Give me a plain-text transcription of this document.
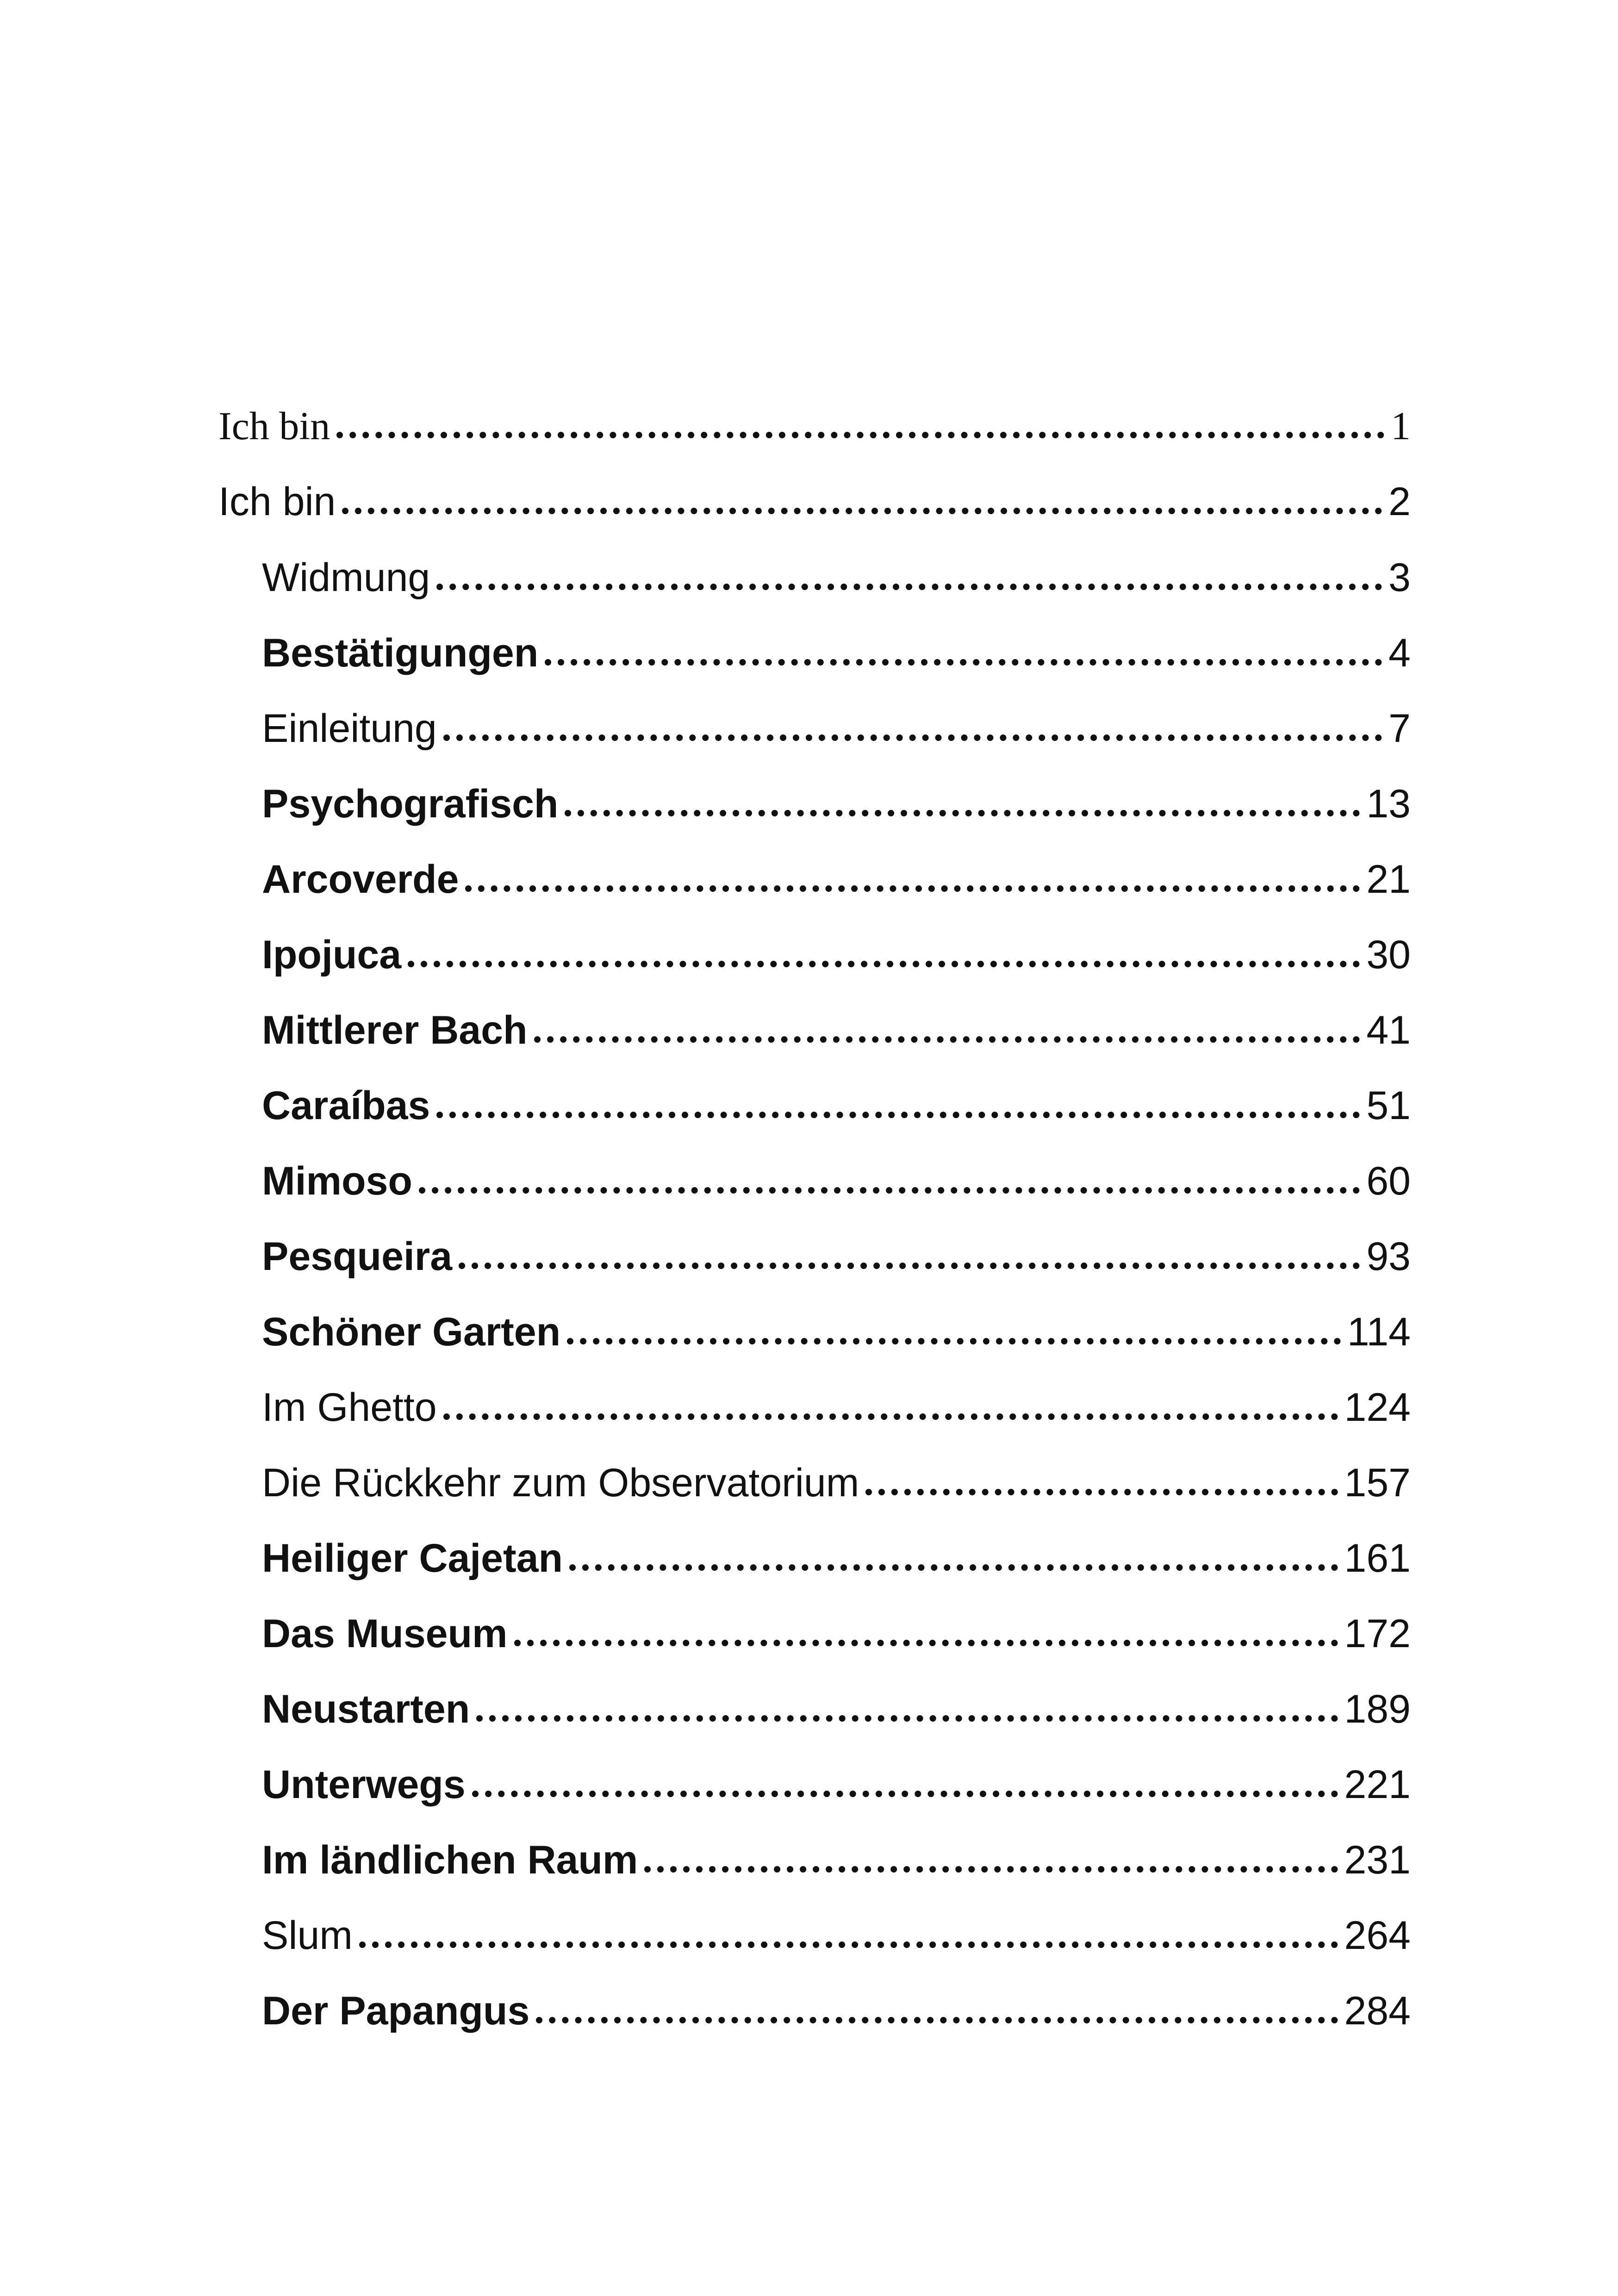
Ich bin	1
Ich bin	2
Widmung	3
Bestätigungen	4
Einleitung	7
Psychografisch	13
Arcoverde	21
Ipojuca	30
Mittlerer Bach	41
Caraíbas	51
Mimoso	60
Pesqueira	93
Schöner Garten	114
Im Ghetto	124
Die Rückkehr zum Observatorium	157
Heiliger Cajetan	161
Das Museum	172
Neustarten	189
Unterwegs	221
Im ländlichen Raum	231
Slum	264
Der Papangus	284
